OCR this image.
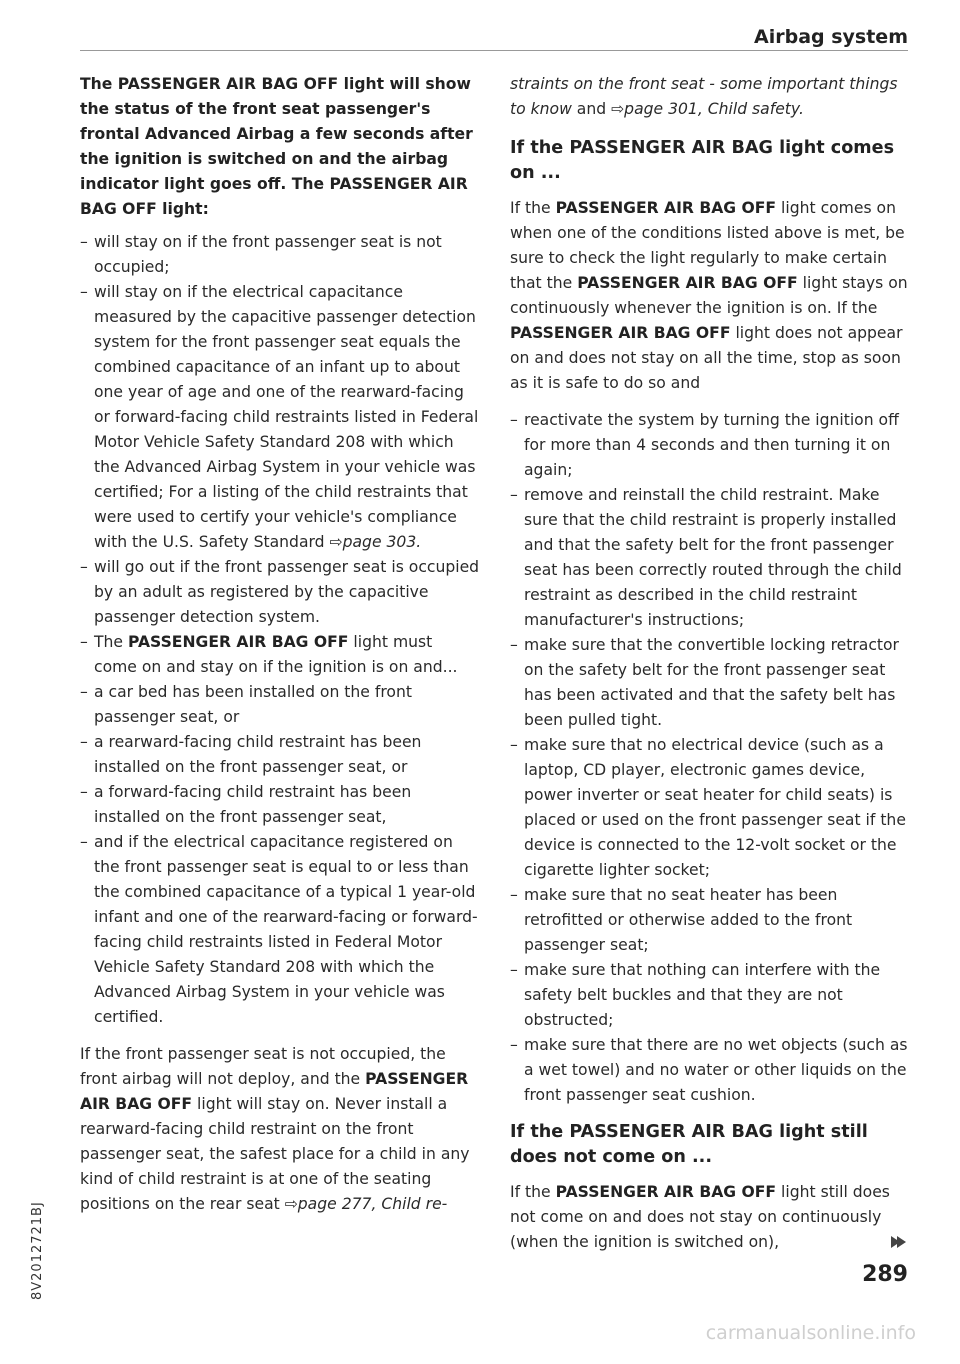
Airbag system

The PASSENGER AIR BAG OFF light will show the status of the front seat passenger's frontal Advanced Airbag a few seconds after the ignition is switched on and the airbag indicator light goes off. The PASSENGER AIR BAG OFF light:

– will stay on if the front passenger seat is not occupied;
– will stay on if the electrical capacitance measured by the capacitive passenger detection system for the front passenger seat equals the combined capacitance of an infant up to about one year of age and one of the rearward-facing or forward-facing child restraints listed in Federal Motor Vehicle Safety Standard 208 with which the Advanced Airbag System in your vehicle was certified; For a listing of the child restraints that were used to certify your vehicle's compliance with the U.S. Safety Standard ⇨page 303.
– will go out if the front passenger seat is occupied by an adult as registered by the capacitive passenger detection system.
– The PASSENGER AIR BAG OFF light must come on and stay on if the ignition is on and...
– a car bed has been installed on the front passenger seat, or
– a rearward-facing child restraint has been installed on the front passenger seat, or
– a forward-facing child restraint has been installed on the front passenger seat,
– and if the electrical capacitance registered on the front passenger seat is equal to or less than the combined capacitance of a typical 1 year-old infant and one of the rearward-facing or forward-facing child restraints listed in Federal Motor Vehicle Safety Standard 208 with which the Advanced Airbag System in your vehicle was certified.

If the front passenger seat is not occupied, the front airbag will not deploy, and the PASSENGER AIR BAG OFF light will stay on. Never install a rearward-facing child restraint on the front passenger seat, the safest place for a child in any kind of child restraint is at one of the seating positions on the rear seat ⇨page 277, Child re-

straints on the front seat - some important things to know and ⇨page 301, Child safety.

If the PASSENGER AIR BAG light comes on ...

If the PASSENGER AIR BAG OFF light comes on when one of the conditions listed above is met, be sure to check the light regularly to make certain that the PASSENGER AIR BAG OFF light stays on continuously whenever the ignition is on. If the PASSENGER AIR BAG OFF light does not appear on and does not stay on all the time, stop as soon as it is safe to do so and

– reactivate the system by turning the ignition off for more than 4 seconds and then turning it on again;
– remove and reinstall the child restraint. Make sure that the child restraint is properly installed and that the safety belt for the front passenger seat has been correctly routed through the child restraint as described in the child restraint manufacturer's instructions;
– make sure that the convertible locking retractor on the safety belt for the front passenger seat has been activated and that the safety belt has been pulled tight.
– make sure that no electrical device (such as a laptop, CD player, electronic games device, power inverter or seat heater for child seats) is placed or used on the front passenger seat if the device is connected to the 12-volt socket or the cigarette lighter socket;
– make sure that no seat heater has been retrofitted or otherwise added to the front passenger seat;
– make sure that nothing can interfere with the safety belt buckles and that they are not obstructed;
– make sure that there are no wet objects (such as a wet towel) and no water or other liquids on the front passenger seat cushion.
If the PASSENGER AIR BAG light still does not come on ...

If the PASSENGER AIR BAG OFF light still does not come on and does not stay on continuously (when the ignition is switched on),

8V2012721BJ	289
carmanualsonline.info
